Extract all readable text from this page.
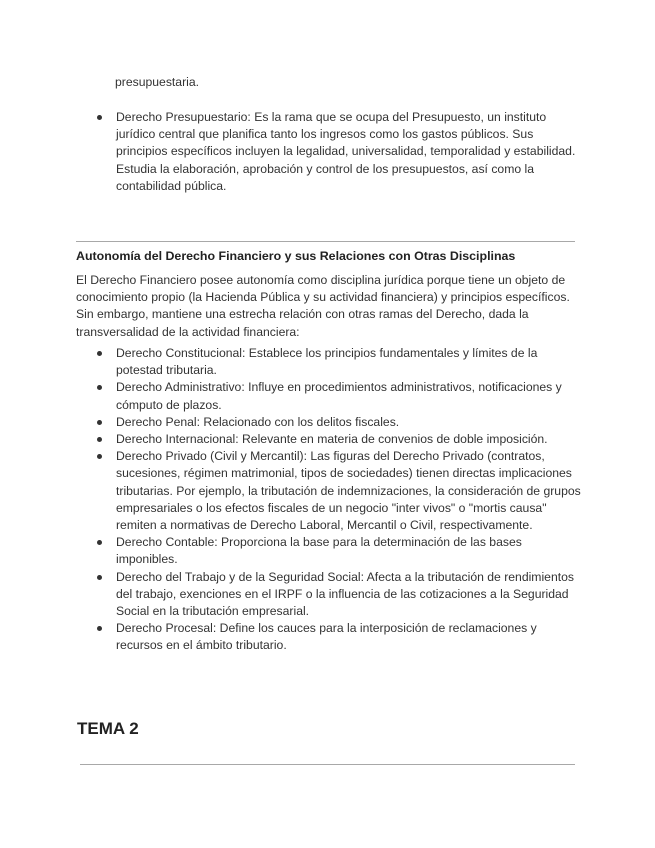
presupuestaria.

Derecho Presupuestario: Es la rama que se ocupa del Presupuesto, un instituto jurídico central que planifica tanto los ingresos como los gastos públicos. Sus principios específicos incluyen la legalidad, universalidad, temporalidad y estabilidad. Estudia la elaboración, aprobación y control de los presupuestos, así como la contabilidad pública.
Autonomía del Derecho Financiero y sus Relaciones con Otras Disciplinas

El Derecho Financiero posee autonomía como disciplina jurídica porque tiene un objeto de conocimiento propio (la Hacienda Pública y su actividad financiera) y principios específicos. Sin embargo, mantiene una estrecha relación con otras ramas del Derecho, dada la transversalidad de la actividad financiera:

Derecho Constitucional: Establece los principios fundamentales y límites de la potestad tributaria.
Derecho Administrativo: Influye en procedimientos administrativos, notificaciones y cómputo de plazos.
Derecho Penal: Relacionado con los delitos fiscales.
Derecho Internacional: Relevante en materia de convenios de doble imposición.
Derecho Privado (Civil y Mercantil): Las figuras del Derecho Privado (contratos, sucesiones, régimen matrimonial, tipos de sociedades) tienen directas implicaciones tributarias. Por ejemplo, la tributación de indemnizaciones, la consideración de grupos empresariales o los efectos fiscales de un negocio "inter vivos" o "mortis causa" remiten a normativas de Derecho Laboral, Mercantil o Civil, respectivamente.
Derecho Contable: Proporciona la base para la determinación de las bases imponibles.
Derecho del Trabajo y de la Seguridad Social: Afecta a la tributación de rendimientos del trabajo, exenciones en el IRPF o la influencia de las cotizaciones a la Seguridad Social en la tributación empresarial.
Derecho Procesal: Define los cauces para la interposición de reclamaciones y recursos en el ámbito tributario.
TEMA 2
